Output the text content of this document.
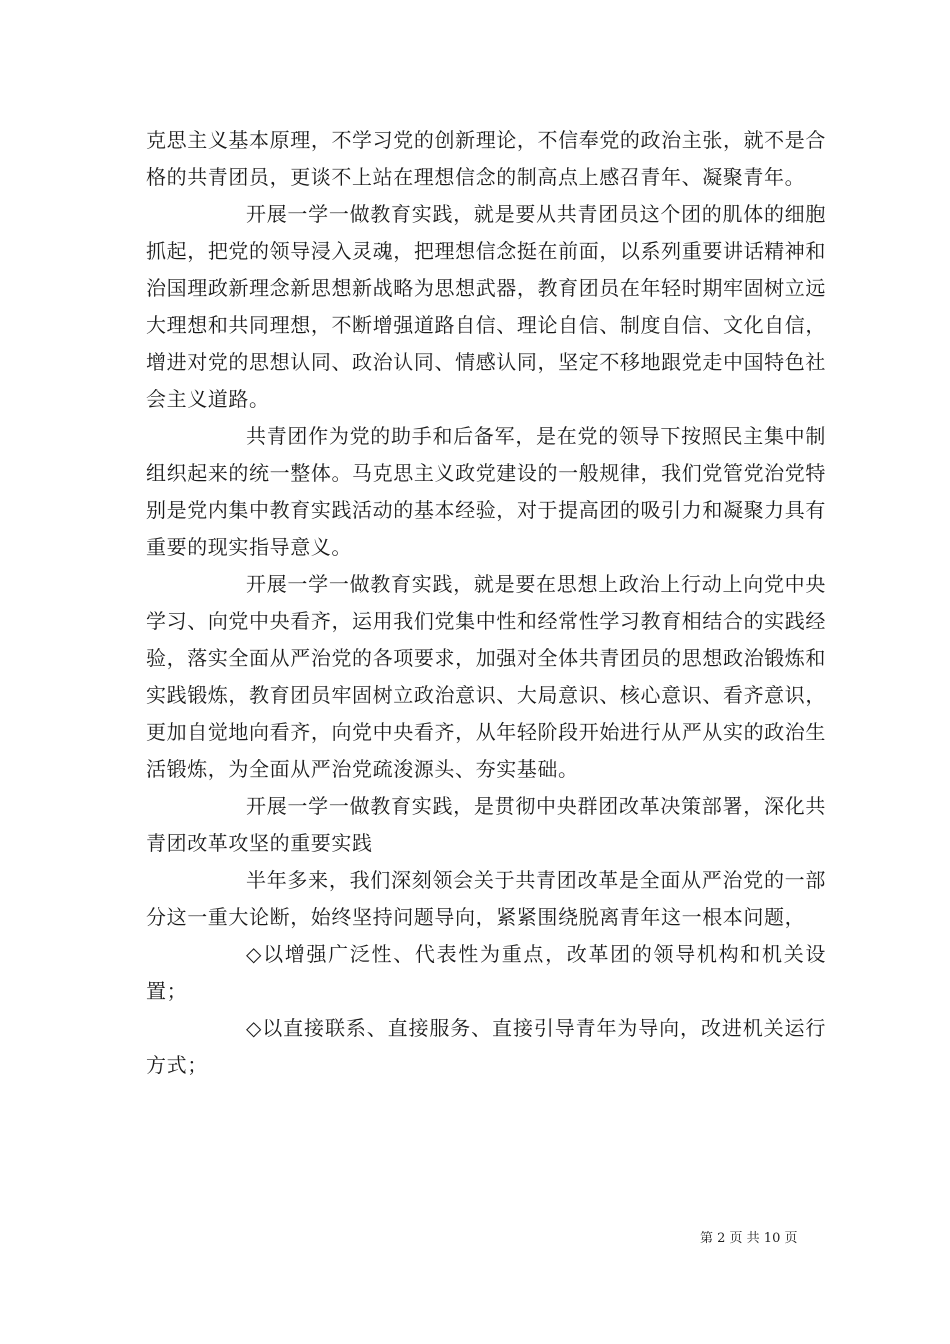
克思主义基本原理，不学习党的创新理论，不信奉党的政治主张，就不是合格的共青团员，更谈不上站在理想信念的制高点上感召青年、凝聚青年。

开展一学一做教育实践，就是要从共青团员这个团的肌体的细胞抓起，把党的领导浸入灵魂，把理想信念挺在前面，以系列重要讲话精神和治国理政新理念新思想新战略为思想武器，教育团员在年轻时期牢固树立远大理想和共同理想，不断增强道路自信、理论自信、制度自信、文化自信，增进对党的思想认同、政治认同、情感认同，坚定不移地跟党走中国特色社会主义道路。

共青团作为党的助手和后备军，是在党的领导下按照民主集中制组织起来的统一整体。马克思主义政党建设的一般规律，我们党管党治党特别是党内集中教育实践活动的基本经验，对于提高团的吸引力和凝聚力具有重要的现实指导意义。

开展一学一做教育实践，就是要在思想上政治上行动上向党中央学习、向党中央看齐，运用我们党集中性和经常性学习教育相结合的实践经验，落实全面从严治党的各项要求，加强对全体共青团员的思想政治锻炼和实践锻炼，教育团员牢固树立政治意识、大局意识、核心意识、看齐意识，更加自觉地向看齐，向党中央看齐，从年轻阶段开始进行从严从实的政治生活锻炼，为全面从严治党疏浚源头、夯实基础。

开展一学一做教育实践，是贯彻中央群团改革决策部署，深化共青团改革攻坚的重要实践

半年多来，我们深刻领会关于共青团改革是全面从严治党的一部分这一重大论断，始终坚持问题导向，紧紧围绕脱离青年这一根本问题，

◇以增强广泛性、代表性为重点，改革团的领导机构和机关设置；

◇以直接联系、直接服务、直接引导青年为导向，改进机关运行方式；

第 2 页 共 10 页
